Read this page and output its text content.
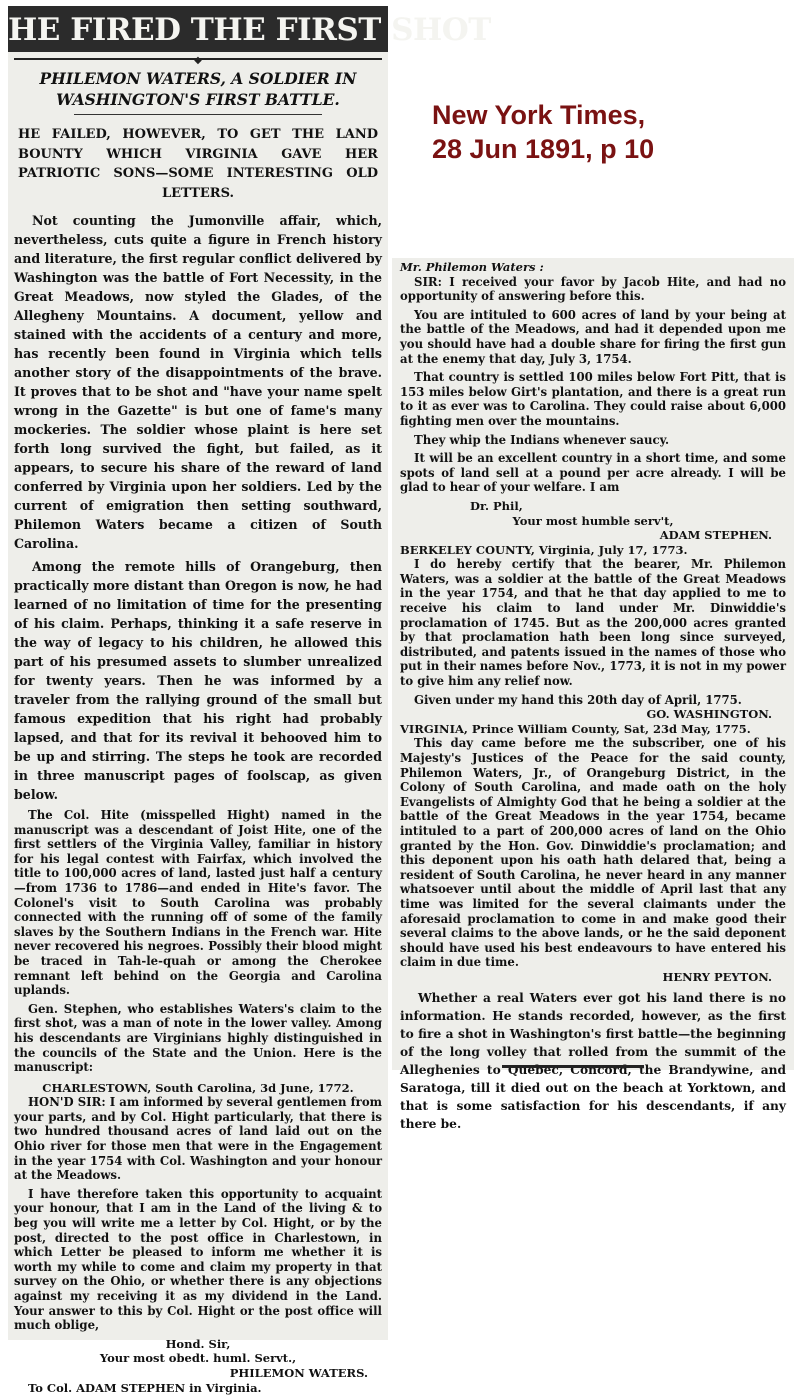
New York Times,
28 Jun 1891, p 10
HE FIRED THE FIRST SHOT
◆
PHILEMON WATERS, A SOLDIER IN WASHINGTON'S FIRST BATTLE.
HE FAILED, HOWEVER, TO GET THE LAND BOUNTY WHICH VIRGINIA GAVE HER PATRIOTIC SONS—SOME INTERESTING OLD LETTERS.

Not counting the Jumonville affair, which, nevertheless, cuts quite a figure in French history and literature, the first regular conflict delivered by Washington was the battle of Fort Necessity, in the Great Meadows, now styled the Glades, of the Allegheny Mountains. A document, yellow and stained with the accidents of a century and more, has recently been found in Virginia which tells another story of the disappointments of the brave. It proves that to be shot and "have your name spelt wrong in the Gazette" is but one of fame's many mockeries. The soldier whose plaint is here set forth long survived the fight, but failed, as it appears, to secure his share of the reward of land conferred by Virginia upon her soldiers. Led by the current of emigration then setting southward, Philemon Waters became a citizen of South Carolina.

Among the remote hills of Orangeburg, then practically more distant than Oregon is now, he had learned of no limitation of time for the presenting of his claim. Perhaps, thinking it a safe reserve in the way of legacy to his children, he allowed this part of his presumed assets to slumber unrealized for twenty years. Then he was informed by a traveler from the rallying ground of the small but famous expedition that his right had probably lapsed, and that for its revival it behooved him to be up and stirring. The steps he took are recorded in three manuscript pages of foolscap, as given below.

The Col. Hite (misspelled Hight) named in the manuscript was a descendant of Joist Hite, one of the first settlers of the Virginia Valley, familiar in history for his legal contest with Fairfax, which involved the title to 100,000 acres of land, lasted just half a century—from 1736 to 1786—and ended in Hite's favor. The Colonel's visit to South Carolina was probably connected with the running off of some of the family slaves by the Southern Indians in the French war. Hite never recovered his negroes. Possibly their blood might be traced in Tah-le-quah or among the Cherokee remnant left behind on the Georgia and Carolina uplands.

Gen. Stephen, who establishes Waters's claim to the first shot, was a man of note in the lower valley. Among his descendants are Virginians highly distinguished in the councils of the State and the Union. Here is the manuscript:

CHARLESTOWN, South Carolina, 3d June, 1772.

HON'D SIR: I am informed by several gentlemen from your parts, and by Col. Hight particularly, that there is two hundred thousand acres of land laid out on the Ohio river for those men that were in the Engagement in the year 1754 with Col. Washington and your honour at the Meadows.

I have therefore taken this opportunity to acquaint your honour, that I am in the Land of the living & to beg you will write me a letter by Col. Hight, or by the post, directed to the post office in Charlestown, in which Letter be pleased to inform me whether it is worth my while to come and claim my property in that survey on the Ohio, or whether there is any objections against my receiving it as my dividend in the Land. Your answer to this by Col. Hight or the post office will much oblige,

Hond. Sir,
Your most obedt. huml. Servt.,
PHILEMON WATERS.
To Col. ADAM STEPHEN in Virginia.
Mr. Philemon Waters :

SIR: I received your favor by Jacob Hite, and had no opportunity of answering before this.

You are intituled to 600 acres of land by your being at the battle of the Meadows, and had it depended upon me you should have had a double share for firing the first gun at the enemy that day, July 3, 1754.

That country is settled 100 miles below Fort Pitt, that is 153 miles below Girt's plantation, and there is a great run to it as ever was to Carolina. They could raise about 6,000 fighting men over the mountains.

They whip the Indians whenever saucy.

It will be an excellent country in a short time, and some spots of land sell at a pound per acre already. I will be glad to hear of your welfare. I am

Dr. Phil,
Your most humble serv't,
ADAM STEPHEN.
BERKELEY COUNTY, Virginia, July 17, 1773.

I do hereby certify that the bearer, Mr. Philemon Waters, was a soldier at the battle of the Great Meadows in the year 1754, and that he that day applied to me to receive his claim to land under Mr. Dinwiddie's proclamation of 1745. But as the 200,000 acres granted by that proclamation hath been long since surveyed, distributed, and patents issued in the names of those who put in their names before Nov., 1773, it is not in my power to give him any relief now.

Given under my hand this 20th day of April, 1775.

GO. WASHINGTON.
VIRGINIA, Prince William County, Sat, 23d May, 1775.

This day came before me the subscriber, one of his Majesty's Justices of the Peace for the said county, Philemon Waters, Jr., of Orangeburg District, in the Colony of South Carolina, and made oath on the holy Evangelists of Almighty God that he being a soldier at the battle of the Great Meadows in the year 1754, became intituled to a part of 200,000 acres of land on the Ohio granted by the Hon. Gov. Dinwiddie's proclamation; and this deponent upon his oath hath delared that, being a resident of South Carolina, he never heard in any manner whatsoever until about the middle of April last that any time was limited for the several claimants under the aforesaid proclamation to come in and make good their several claims to the above lands, or he the said deponent should have used his best endeavours to have entered his claim in due time.

HENRY PEYTON.

Whether a real Waters ever got his land there is no information. He stands recorded, however, as the first to fire a shot in Washington's first battle—the beginning of the long volley that rolled from the summit of the Alleghenies to Quebec, Concord, the Brandywine, and Saratoga, till it died out on the beach at Yorktown, and that is some satisfaction for his descendants, if any there be.
